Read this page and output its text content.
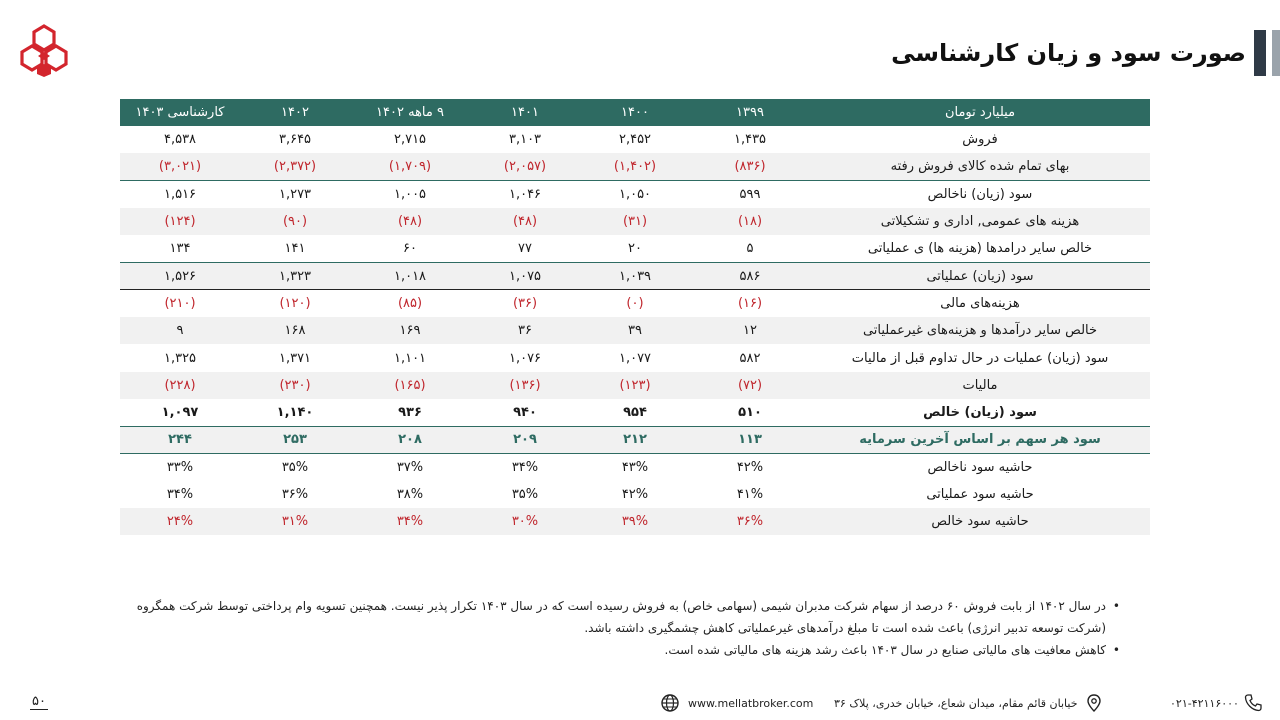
صورت سود و زیان کارشناسی
میلیارد تومان	۱۳۹۹	۱۴۰۰	۱۴۰۱	۹ ماهه ۱۴۰۲	۱۴۰۲	کارشناسی ۱۴۰۳
فروش	۱,۴۳۵	۲,۴۵۲	۳,۱۰۳	۲,۷۱۵	۳,۶۴۵	۴,۵۳۸
بهای تمام شده کالای فروش رفته	(۸۳۶)	(۱,۴۰۲)	(۲,۰۵۷)	(۱,۷۰۹)	(۲,۳۷۲)	(۳,۰۲۱)
سود (زیان) ناخالص	۵۹۹	۱,۰۵۰	۱,۰۴۶	۱,۰۰۵	۱,۲۷۳	۱,۵۱۶
هزینه های عمومی, اداری و تشکیلاتی	(۱۸)	(۳۱)	(۴۸)	(۴۸)	(۹۰)	(۱۲۴)
خالص سایر درامدها (هزینه ها) ی عملیاتی	۵	۲۰	۷۷	۶۰	۱۴۱	۱۳۴
سود (زیان) عملیاتی	۵۸۶	۱,۰۳۹	۱,۰۷۵	۱,۰۱۸	۱,۳۲۳	۱,۵۲۶
هزینه‌های مالی	(۱۶)	(۰)	(۳۶)	(۸۵)	(۱۲۰)	(۲۱۰)
خالص سایر درآمدها و هزینه‌های غیرعملیاتی	۱۲	۳۹	۳۶	۱۶۹	۱۶۸	۹
سود (زیان) عملیات در حال تداوم قبل از مالیات	۵۸۲	۱,۰۷۷	۱,۰۷۶	۱,۱۰۱	۱,۳۷۱	۱,۳۲۵
مالیات	(۷۲)	(۱۲۳)	(۱۳۶)	(۱۶۵)	(۲۳۰)	(۲۲۸)
سود (زیان) خالص	۵۱۰	۹۵۴	۹۴۰	۹۳۶	۱,۱۴۰	۱,۰۹۷
سود هر سهم بر اساس آخرین سرمایه	۱۱۳	۲۱۲	۲۰۹	۲۰۸	۲۵۳	۲۴۴
حاشیه سود ناخالص	۴۲%	۴۳%	۳۴%	۳۷%	۳۵%	۳۳%
حاشیه سود عملیاتی	۴۱%	۴۲%	۳۵%	۳۸%	۳۶%	۳۴%
حاشیه سود خالص	۳۶%	۳۹%	۳۰%	۳۴%	۳۱%	۲۴%
• در سال ۱۴۰۲ از بابت فروش ۶۰ درصد از سهام شرکت مدبران شیمی (سهامی خاص) به فروش رسیده است که در سال ۱۴۰۳ تکرار پذیر نیست. همچنین تسویه وام پرداختی توسط شرکت همگروه (شرکت توسعه تدبیر انرژی) باعث شده است تا مبلغ درآمدهای غیرعملیاتی کاهش چشمگیری داشته باشد.
• کاهش معافیت های مالیاتی صنایع در سال ۱۴۰۳ باعث رشد هزینه های مالیاتی شده است.
۵۰	www.mellatbroker.com خیابان قائم مقام، میدان شعاع، خیابان خدری، پلاک ۳۶	۰۲۱-۴۲۱۱۶۰۰۰
